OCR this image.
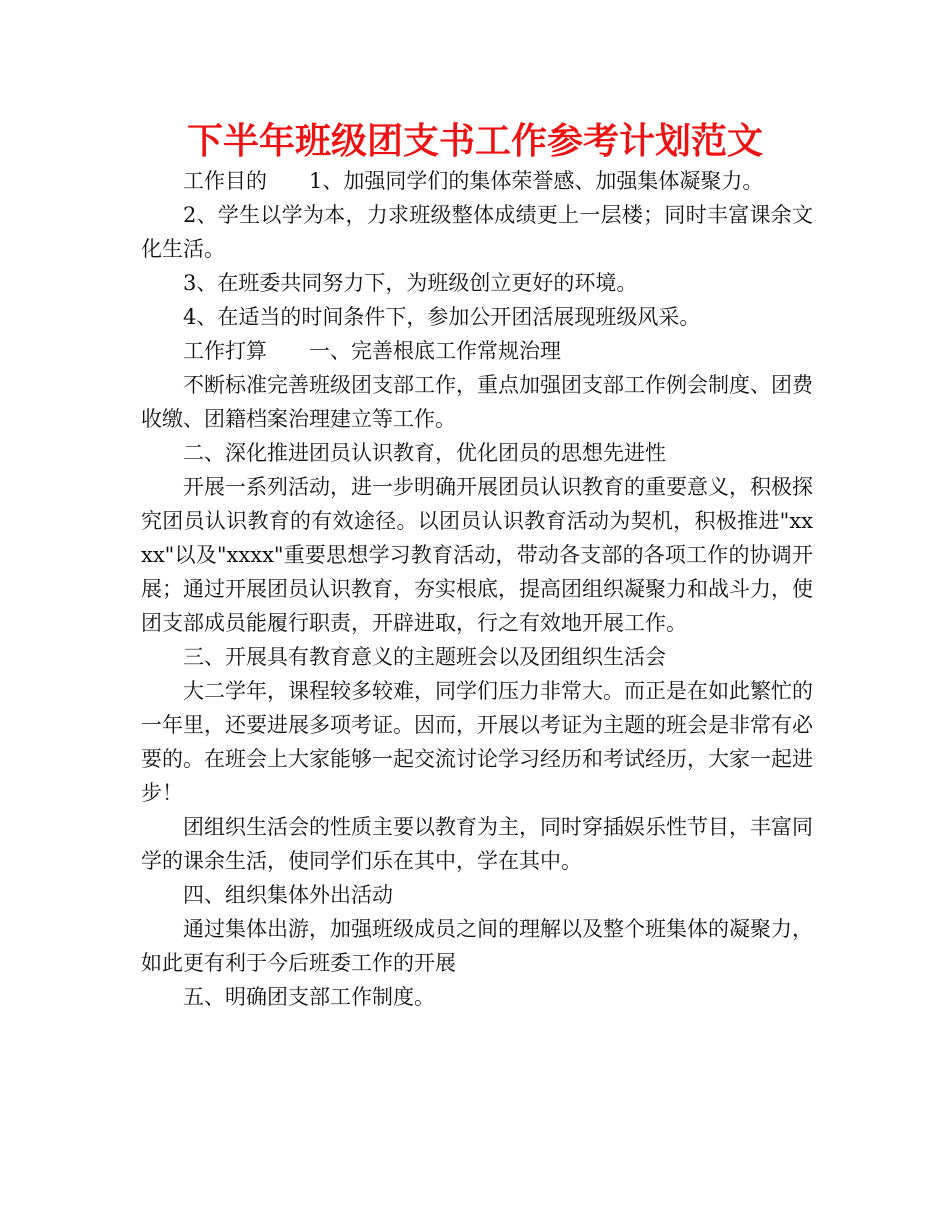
下半年班级团支书工作参考计划范文

工作目的　　1、加强同学们的集体荣誉感、加强集体凝聚力。

2、学生以学为本，力求班级整体成绩更上一层楼；同时丰富课余文化生活。

3、在班委共同努力下，为班级创立更好的环境。

4、在适当的时间条件下，参加公开团活展现班级风采。

工作打算　　一、完善根底工作常规治理

不断标准完善班级团支部工作，重点加强团支部工作例会制度、团费收缴、团籍档案治理建立等工作。

二、深化推进团员认识教育，优化团员的思想先进性

开展一系列活动，进一步明确开展团员认识教育的重要意义，积极探究团员认识教育的有效途径。以团员认识教育活动为契机，积极推进"xxxx"以及"xxxx"重要思想学习教育活动，带动各支部的各项工作的协调开展；通过开展团员认识教育，夯实根底，提高团组织凝聚力和战斗力，使团支部成员能履行职责，开辟进取，行之有效地开展工作。

三、开展具有教育意义的主题班会以及团组织生活会

大二学年，课程较多较难，同学们压力非常大。而正是在如此繁忙的一年里，还要进展多项考证。因而，开展以考证为主题的班会是非常有必要的。在班会上大家能够一起交流讨论学习经历和考试经历，大家一起进步！

团组织生活会的性质主要以教育为主，同时穿插娱乐性节目，丰富同学的课余生活，使同学们乐在其中，学在其中。

四、组织集体外出活动

通过集体出游，加强班级成员之间的理解以及整个班集体的凝聚力，如此更有利于今后班委工作的开展

五、明确团支部工作制度。
